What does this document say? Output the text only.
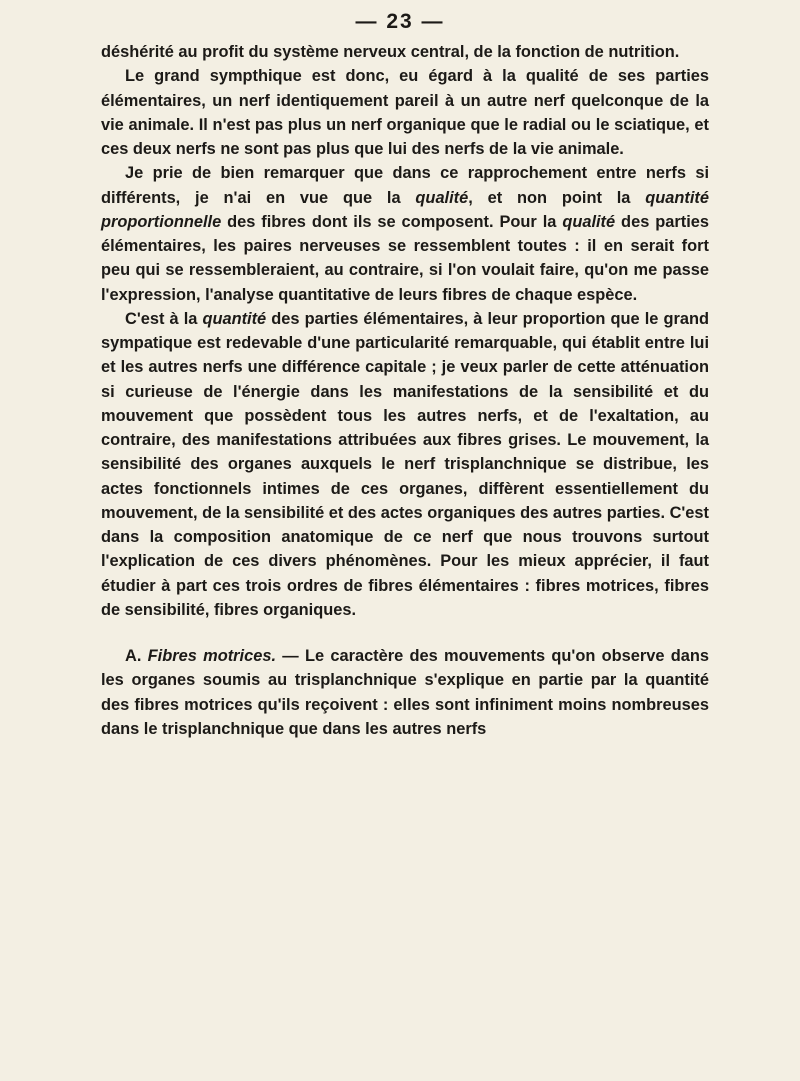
— 23 —

déshérité au profit du système nerveux central, de la fonction de nutrition.

Le grand sympthique est donc, eu égard à la qualité de ses parties élémentaires, un nerf identiquement pareil à un autre nerf quelconque de la vie animale. Il n'est pas plus un nerf organique que le radial ou le sciatique, et ces deux nerfs ne sont pas plus que lui des nerfs de la vie animale.

Je prie de bien remarquer que dans ce rapprochement entre nerfs si différents, je n'ai en vue que la qualité, et non point la quantité proportionnelle des fibres dont ils se composent. Pour la qualité des parties élémentaires, les paires nerveuses se ressemblent toutes : il en serait fort peu qui se ressembleraient, au contraire, si l'on voulait faire, qu'on me passe l'expression, l'analyse quantitative de leurs fibres de chaque espèce.

C'est à la quantité des parties élémentaires, à leur proportion que le grand sympatique est redevable d'une particularité remarquable, qui établit entre lui et les autres nerfs une différence capitale ; je veux parler de cette atténuation si curieuse de l'énergie dans les manifestations de la sensibilité et du mouvement que possèdent tous les autres nerfs, et de l'exaltation, au contraire, des manifestations attribuées aux fibres grises. Le mouvement, la sensibilité des organes auxquels le nerf trisplanchnique se distribue, les actes fonctionnels intimes de ces organes, diffèrent essentiellement du mouvement, de la sensibilité et des actes organiques des autres parties. C'est dans la composition anatomique de ce nerf que nous trouvons surtout l'explication de ces divers phénomènes. Pour les mieux apprécier, il faut étudier à part ces trois ordres de fibres élémentaires : fibres motrices, fibres de sensibilité, fibres organiques.

A. Fibres motrices. — Le caractère des mouvements qu'on observe dans les organes soumis au trisplanchnique s'explique en partie par la quantité des fibres motrices qu'ils reçoivent : elles sont infiniment moins nombreuses dans le trisplanchnique que dans les autres nerfs
